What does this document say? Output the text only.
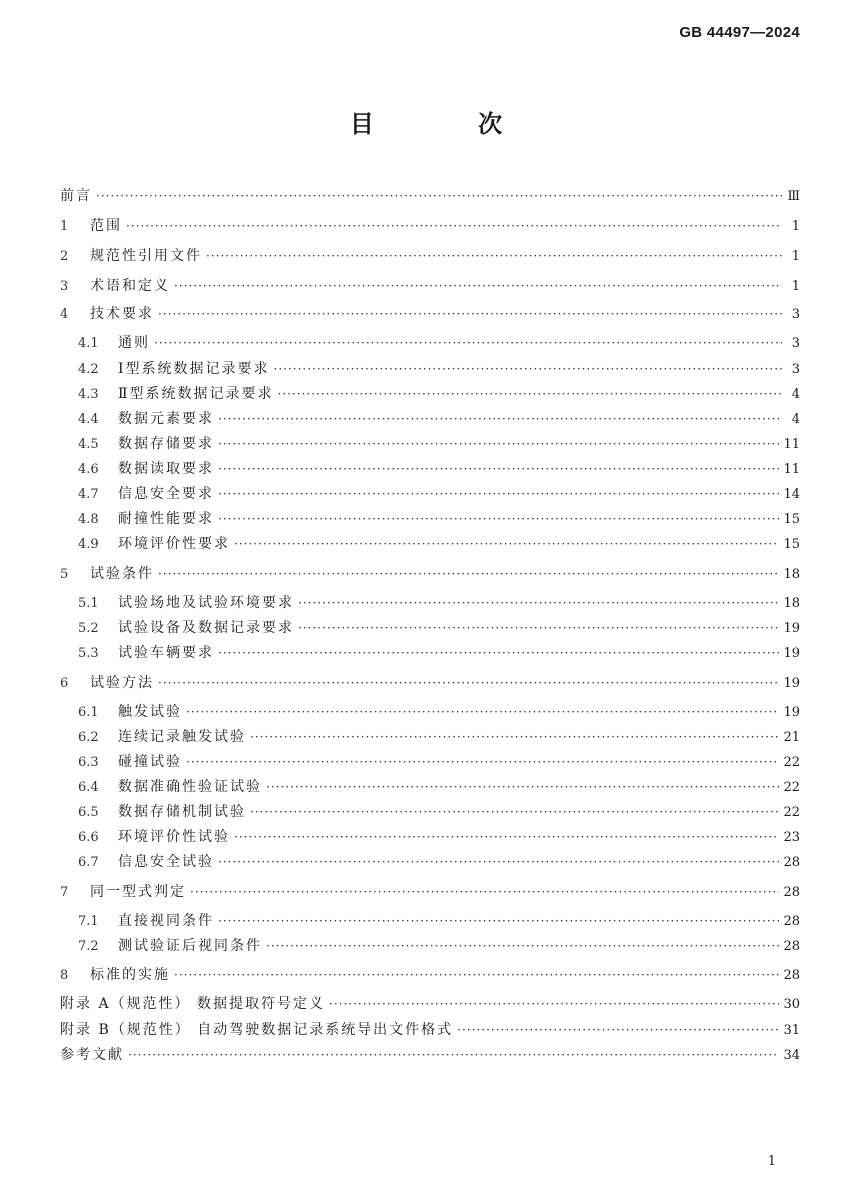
GB 44497—2024
目 次
前言 ·····	Ⅲ
1	范围 ·····	1
2	规范性引用文件 ·····	1
3	术语和定义 ·····	1
4	技术要求 ·····	3
4.1	通则 ·····	3
4.2	Ⅰ型系统数据记录要求 ·····	3
4.3	Ⅱ型系统数据记录要求 ·····	4
4.4	数据元素要求 ·····	4
4.5	数据存储要求 ·····	11
4.6	数据读取要求 ·····	11
4.7	信息安全要求 ·····	14
4.8	耐撞性能要求 ·····	15
4.9	环境评价性要求 ·····	15
5	试验条件 ·····	18
5.1	试验场地及试验环境要求 ·····	18
5.2	试验设备及数据记录要求 ·····	19
5.3	试验车辆要求 ·····	19
6	试验方法 ·····	19
6.1	触发试验 ·····	19
6.2	连续记录触发试验 ·····	21
6.3	碰撞试验 ·····	22
6.4	数据准确性验证试验 ·····	22
6.5	数据存储机制试验 ·····	22
6.6	环境评价性试验 ·····	23
6.7	信息安全试验 ·····	28
7	同一型式判定 ·····	28
7.1	直接视同条件 ·····	28
7.2	测试验证后视同条件 ·····	28
8	标准的实施 ·····	28
附录 A（规范性） 数据提取符号定义 ·····	30
附录 B（规范性） 自动驾驶数据记录系统导出文件格式 ·····	31
参考文献 ·····	34
1
